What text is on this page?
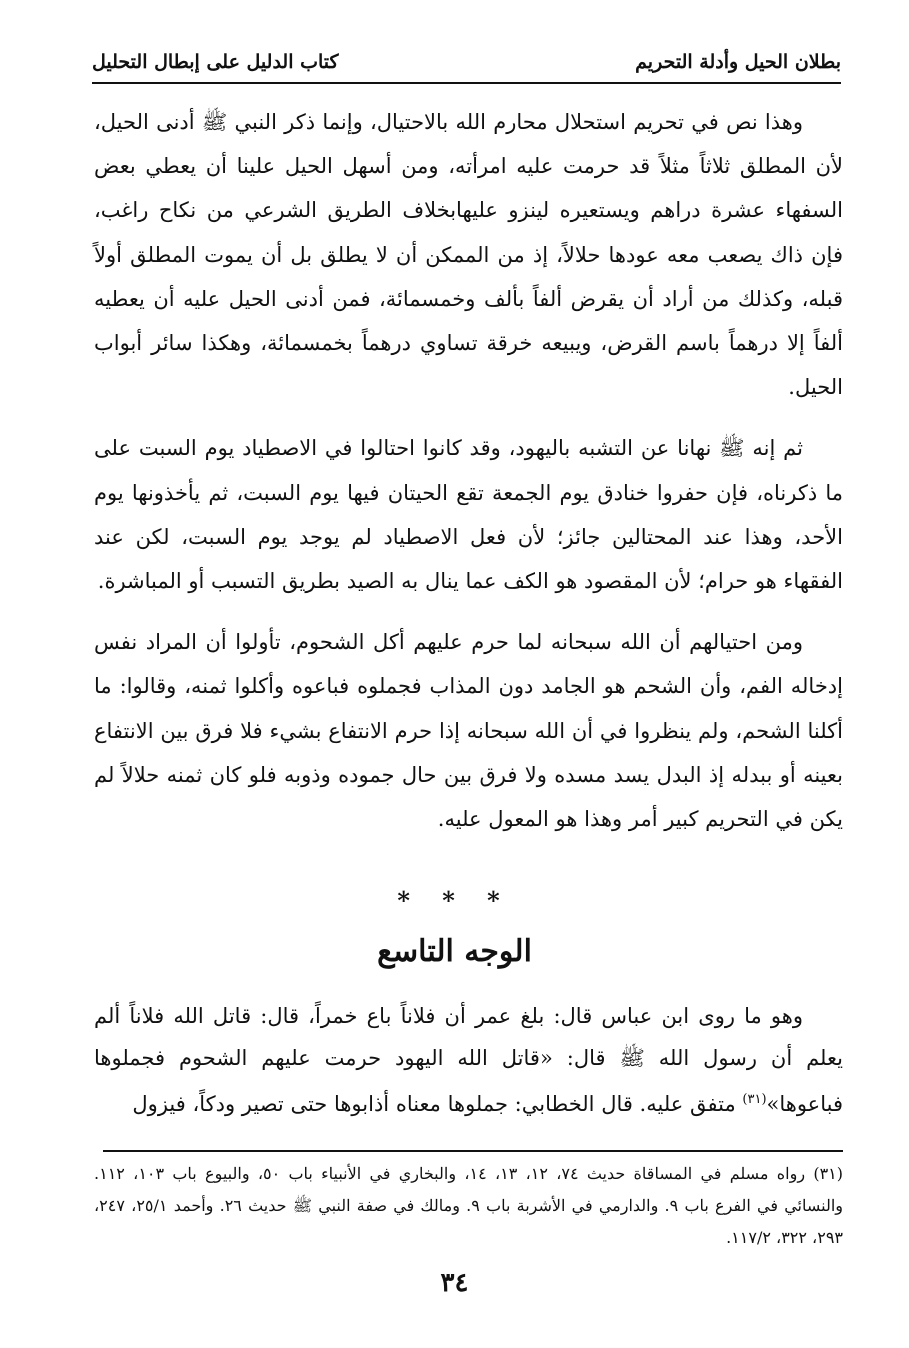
بطلان الحيل وأدلة التحريم
كتاب الدليل على إبطال التحليل

وهذا نص في تحريم استحلال محارم الله بالاحتيال، وإنما ذكر النبي ﷺ أدنى الحيل، لأن المطلق ثلاثاً مثلاً قد حرمت عليه امرأته، ومن أسهل الحيل علينا أن يعطي بعض السفهاء عشرة دراهم ويستعيره لينزو عليهابخلاف الطريق الشرعي من نكاح راغب، فإن ذاك يصعب معه عودها حلالاً، إذ من الممكن أن لا يطلق بل أن يموت المطلق أولاً قبله، وكذلك من أراد أن يقرض ألفاً بألف وخمسمائة، فمن أدنى الحيل عليه أن يعطيه ألفاً إلا درهماً باسم القرض، ويبيعه خرقة تساوي درهماً بخمسمائة، وهكذا سائر أبواب الحيل.

ثم إنه ﷺ نهانا عن التشبه باليهود، وقد كانوا احتالوا في الاصطياد يوم السبت على ما ذكرناه، فإن حفروا خنادق يوم الجمعة تقع الحيتان فيها يوم السبت، ثم يأخذونها يوم الأحد، وهذا عند المحتالين جائز؛ لأن فعل الاصطياد لم يوجد يوم السبت، لكن عند الفقهاء هو حرام؛ لأن المقصود هو الكف عما ينال به الصيد بطريق التسبب أو المباشرة.

ومن احتيالهم أن الله سبحانه لما حرم عليهم أكل الشحوم، تأولوا أن المراد نفس إدخاله الفم، وأن الشحم هو الجامد دون المذاب فجملوه فباعوه وأكلوا ثمنه، وقالوا: ما أكلنا الشحم، ولم ينظروا في أن الله سبحانه إذا حرم الانتفاع بشيء فلا فرق بين الانتفاع بعينه أو ببدله إذ البدل يسد مسده ولا فرق بين حال جموده وذوبه فلو كان ثمنه حلالاً لم يكن في التحريم كبير أمر وهذا هو المعول عليه.

* * *
الوجه التاسع

وهو ما روى ابن عباس قال: بلغ عمر أن فلاناً باع خمراً، قال: قاتل الله فلاناً ألم يعلم أن رسول الله ﷺ قال: «قاتل الله اليهود حرمت عليهم الشحوم فجملوها فباعوها»$^{(٣١)}$ متفق عليه. قال الخطابي: جملوها معناه أذابوها حتى تصير ودكاً، فيزول

(٣١) رواه مسلم في المساقاة حديث ٧٤، ١٢، ١٣، ١٤، والبخاري في الأنبياء باب ٥٠، والبيوع باب ١٠٣، ١١٢. والنسائي في الفرع باب ٩. والدارمي في الأشربة باب ٩. ومالك في صفة النبي ﷺ حديث ٢٦. وأحمد ٢٥/١، ٢٤٧، ٢٩٣، ٣٢٢، ١١٧/٢.

٣٤
